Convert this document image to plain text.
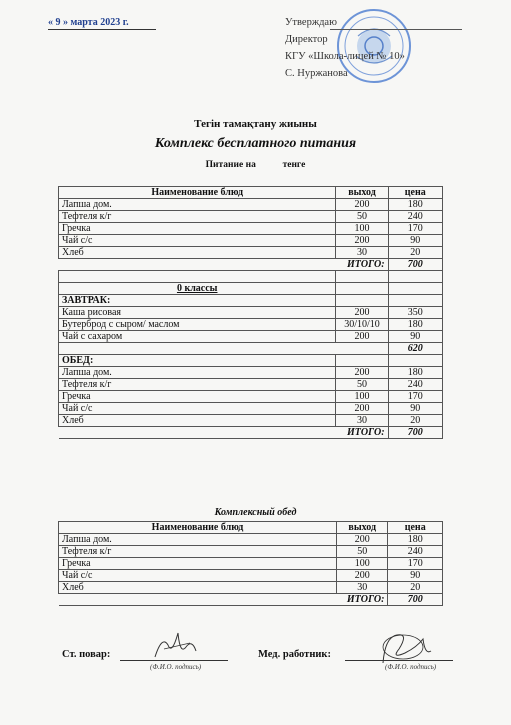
« 9 » марта 2023 г.	Утверждаю
Директор
КГУ «Школа-лицей № 10»
С. Нуржанова
Тегін тамақтану жиыны
Комплекс бесплатного питания
Питание на	тенге
Наименование блюд	выход	цена
Лапша дом.	200	180
Тефтеля к/г	50	240
Гречка	100	170
Чай с/с	200	90
Хлеб	30	20
ИТОГО:		700

0 классы		
ЗАВТРАК:		
Каша рисовая	200	350
Бутерброд с сыром/ маслом	30/10/10	180
Чай с сахаром	200	90
		620
ОБЕД:		
Лапша дом.	200	180
Тефтеля к/г	50	240
Гречка	100	170
Чай с/с	200	90
Хлеб	30	20
ИТОГО:		700
Комплексный обед
Наименование блюд	выход	цена
Лапша дом.	200	180
Тефтеля к/г	50	240
Гречка	100	170
Чай с/с	200	90
Хлеб	30	20
ИТОГО:		700
Ст. повар:
(Ф.И.О. подпись)
Мед. работник:
(Ф.И.О. подпись)
